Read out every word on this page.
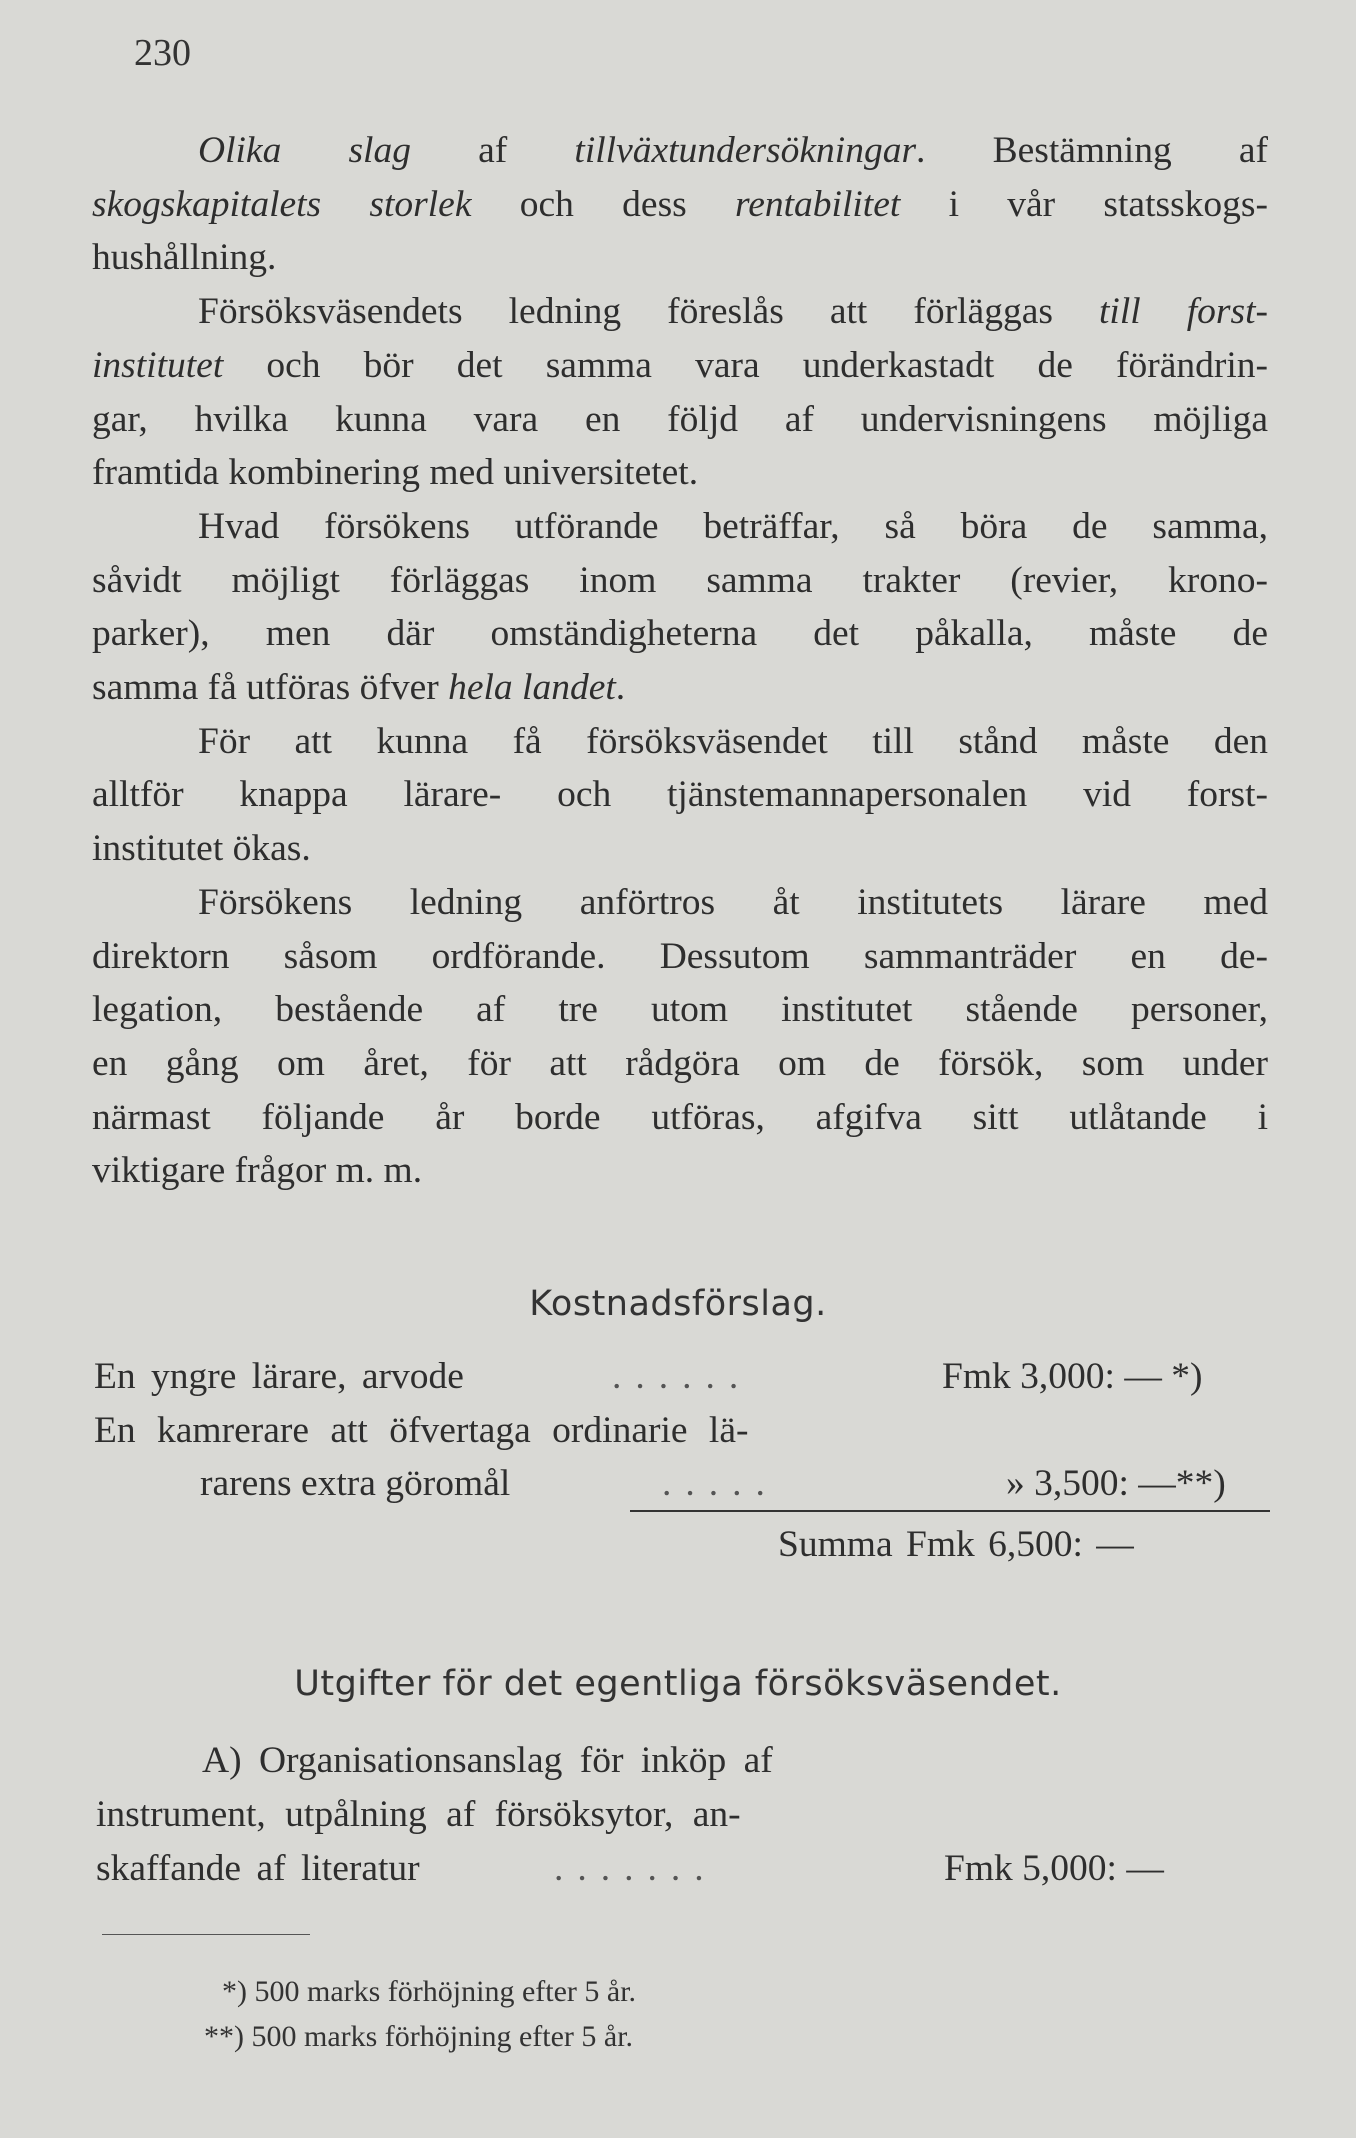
230

Olika slag af tillväxtundersökningar. Bestämning af
skogskapitalets storlek och dess rentabilitet i vår statsskogs-
hushållning.

Försöksväsendets ledning föreslås att förläggas till forst-
institutet och bör det samma vara underkastadt de förändrin-
gar, hvilka kunna vara en följd af undervisningens möjliga
framtida kombinering med universitetet.

Hvad försökens utförande beträffar, så böra de samma,
såvidt möjligt förläggas inom samma trakter (revier, krono-
parker), men där omständigheterna det påkalla, måste de
samma få utföras öfver hela landet.

För att kunna få försöksväsendet till stånd måste den
alltför knappa lärare- och tjänstemannapersonalen vid forst-
institutet ökas.

Försökens ledning anförtros åt institutets lärare med
direktorn såsom ordförande. Dessutom sammanträder en de-
legation, bestående af tre utom institutet stående personer,
en gång om året, för att rådgöra om de försök, som under
närmast följande år borde utföras, afgifva sitt utlåtande i
viktigare frågor m. m.

Kostnadsförslag.
En yngre lärare, arvode	......	Fmk 3,000: — *)
En kamrerare att öfvertaga ordinarie lä-
rarens extra göromål	.....	» 3,500: —**)
Summa Fmk 6,500: —
Utgifter för det egentliga försöksväsendet.
A) Organisationsanslag för inköp af
instrument, utpålning af försöksytor, an-
skaffande af literatur	.......	Fmk 5,000: —
*) 500 marks förhöjning efter 5 år.
**) 500 marks förhöjning efter 5 år.
